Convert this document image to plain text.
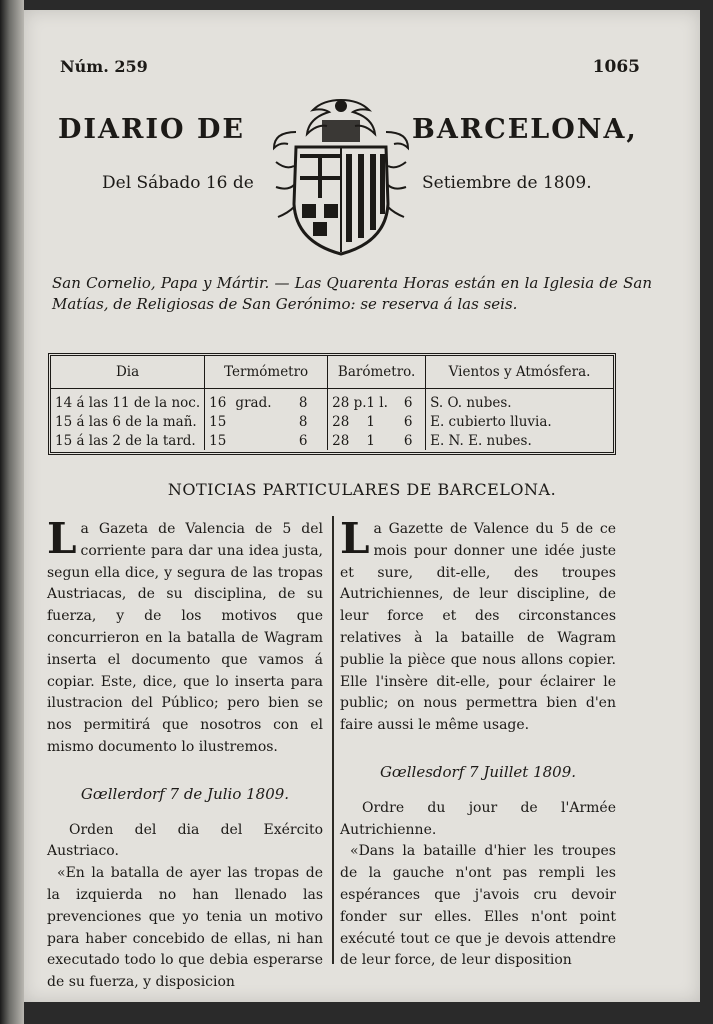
Núm. 259	1065
DIARIO DE	BARCELONA,
Del Sábado 16 de	Setiembre de 1809.
San Cornelio, Papa y Mártir. — Las Quarenta Horas están en la Iglesia de San Matías, de Religiosas de San Gerónimo: se reserva á las seis.
Dia	Termómetro	Barómetro.	Vientos y Atmósfera.
14 á las 11 de la noc.	16 grad. 8	28 p. 1 l. 6	S. O. nubes.
15 á las 6 de la mañ.	15 8	28 1 6	E. cubierto lluvia.
15 á las 2 de la tard.	15 6	28 1 6	E. N. E. nubes.
NOTICIAS PARTICULARES DE BARCELONA.

La Gazeta de Valencia de 5 del corriente para dar una idea justa, segun ella dice, y segura de las tropas Austriacas, de su disciplina, de su fuerza, y de los motivos que concurrieron en la batalla de Wagram inserta el documento que vamos á copiar. Este, dice, que lo inserta para ilustracion del Público; pero bien se nos permitirá que nosotros con el mismo documento lo ilustremos.

Gœllerdorf 7 de Julio 1809.

Orden del dia del Exército Austriaco.

«En la batalla de ayer las tropas de la izquierda no han llenado las prevenciones que yo tenia un motivo para haber concebido de ellas, ni han executado todo lo que debia esperarse de su fuerza, y disposicion

La Gazette de Valence du 5 de ce mois pour donner une idée juste et sure, dit-elle, des troupes Autrichiennes, de leur discipline, de leur force et des circonstances relatives à la bataille de Wagram publie la pièce que nous allons copier. Elle l'insère dit-elle, pour éclairer le public; on nous permettra bien d'en faire aussi le même usage.

Gœllesdorf 7 Juillet 1809.

Ordre du jour de l'Armée Autrichienne.

«Dans la bataille d'hier les troupes de la gauche n'ont pas rempli les espérances que j'avois cru devoir fonder sur elles. Elles n'ont point exécuté tout ce que je devois attendre de leur force, de leur disposition
